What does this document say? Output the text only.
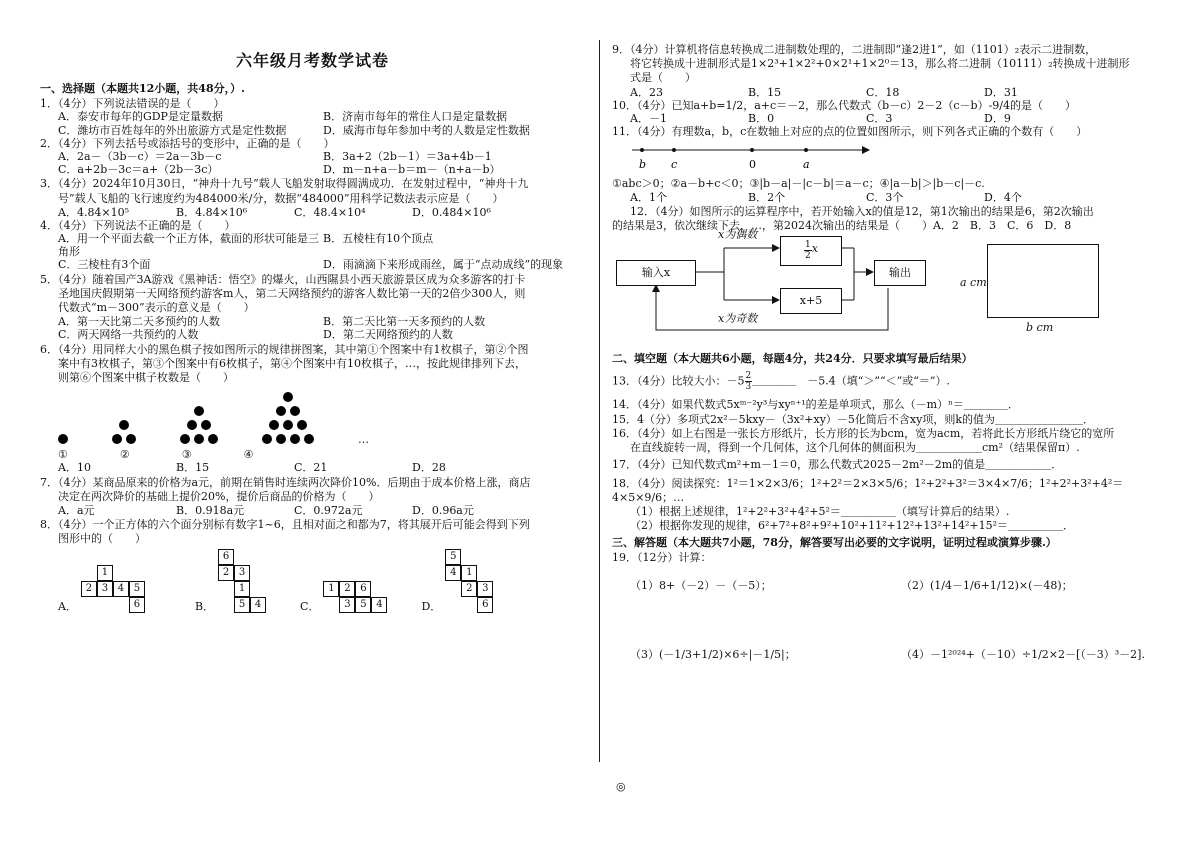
六年级月考数学试卷
一、选择题（本题共12小题，共48分，）.
1．（4分）下列说法错误的是（　　）
A．泰安市每年的GDP是定量数据	B．济南市每年的常住人口是定量数据
C．潍坊市百姓每年的外出旅游方式是定性数据	D．威海市每年参加中考的人数是定性数据
2．（4分）下列去括号或添括号的变形中，正确的是（　　）
A．2a－（3b－c）＝2a－3b－c	B．3a+2（2b－1）＝3a+4b－1
C．a+2b－3c＝a+（2b－3c）	D．m－n+a－b＝m－（n+a－b）
3．（4分）2024年10月30日，“神舟十九号”载人飞船发射取得圆满成功．在发射过程中，“神舟十九
号”载人飞船的飞行速度约为484000米/分，数据“484000”用科学记数法表示应是（　　）
A．4.84×10⁵	B．4.84×10⁶	C．48.4×10⁴	D．0.484×10⁶
4．（4分）下列说法不正确的是（　　）
A．用一个平面去截一个正方体，截面的形状可能是三角形
B．五棱柱有10个顶点
C．三棱柱有3个面	D．雨滴滴下来形成雨丝，属于“点动成线”的现象
5．（4分）随着国产3A游戏《黑神话：悟空》的爆火，山西隰县小西天旅游景区成为众多游客的打卡
圣地国庆假期第一天网络预约游客m人，第二天网络预约的游客人数比第一天的2倍少300人，则
代数式“m－300”表示的意义是（　　）
A．第一天比第二天多预约的人数	B．第二天比第一天多预约的人数
C．两天网络一共预约的人数	D．第二天网络预约的人数
6．（4分）用同样大小的黑色棋子按如图所示的规律拼图案，其中第①个图案中有1枚棋子，第②个图
案中有3枚棋子，第③个图案中有6枚棋子，第④个图案中有10枚棋子，…，按此规律排列下去，
则第⑥个图案中棋子枚数是（　　）
…
①	②	③	④
A．10	B．15	C．21	D．28
7．（4分）某商品原来的价格为a元，前期在销售时连续两次降价10%．后期由于成本价格上涨，商店
决定在两次降价的基础上提价20%，提价后商品的价格为（　　）
A．a元	B．0.918a元	C．0.972a元	D．0.96a元
8．（4分）一个正方体的六个面分别标有数字1~6，且相对面之和都为7，将其展开后可能会得到下列
图形中的（　　）
A．
1
2 3 4 5
6	B．
6
2 3
1
5 4	C．
1 2 6
3 5 4	D．
5
4 1
2 3
6
9．（4分）计算机将信息转换成二进制数处理的，二进制即“逢2进1”，如（1101）₂表示二进制数，
将它转换成十进制形式是1×2³+1×2²+0×2¹+1×2⁰＝13，那么将二进制（10111）₂转换成十进制形
式是（　　）
A．23	B．15	C．18	D．31
10．（4分）已知a+b=1/2，a+c＝－2，那么代数式（b－c）2－2（c－b）-9/4的是（　　）
A．－1	B．0	C．3	D．9
11．（4分）有理数a，b，c在数轴上对应的点的位置如图所示，则下列各式正确的个数有（　　）
b c	0	a
①abc＞0；②a－b+c＜0；③|b－a|－|c－b|＝a－c；④|a－b|＞|b－c|－c.
A．1个	B．2个	C．3个	D．4个
12．（4分）如图所示的运算程序中，若开始输入x的值是12，第1次输出的结果是6，第2次输出
的结果是3，依次继续下去，…，第2024次输出的结果是（　　）A．2　B．3　C．6　D．8
输入x
x为偶数
$\frac{1}{2}$ x
x+5
x为奇数
输出
a cm
b cm
二、填空题（本大题共6小题，每题4分，共24分．只要求填写最后结果）
13．（4分）比较大小：$-5 \frac{2}{3}$ ＿＿＿＿　－5.4（填“＞”“＜”或“＝”）.
14．（4分）如果代数式5xᵐ⁻²y³与xyⁿ⁺¹的差是单项式，那么（－m）ⁿ＝＿＿＿＿．
15．4（分）多项式2x²－5kxy－（3x²+xy）－5化简后不含xy项，则k的值为＿＿＿＿＿＿＿＿．
16．（4分）如上右图是一张长方形纸片，长方形的长为bcm，宽为acm，若将此长方形纸片绕它的宽所
在直线旋转一周，得到一个几何体，这个几何体的侧面积为＿＿＿＿＿＿cm²（结果保留π）.
17．（4分）已知代数式m²+m－1＝0，那么代数式2025－2m²－2m的值是＿＿＿＿＿＿．
18．（4分）阅读探究：1²＝1×2×3/6；1²+2²＝2×3×5/6；1²+2²+3²＝3×4×7/6；1²+2²+3²+4²＝4×5×9/6；…
（1）根据上述规律，1²+2²+3²+4²+5²＝＿＿＿＿＿（填写计算后的结果）.
（2）根据你发现的规律，6²+7²+8²+9²+10²+11²+12²+13²+14²+15²＝＿＿＿＿＿．
三、解答题（本大题共7小题，78分，解答要写出必要的文字说明，证明过程或演算步骤.）
19．（12分）计算：
（1）8+（－2）－（－5）；	（2）(1/4－1/6+1/12)×(－48)；
（3）(－1/3+1/2)×6÷|－1/5|；	（4）－1²⁰²⁴+（－10）÷1/2×2－[（－3）³－2].
◎
